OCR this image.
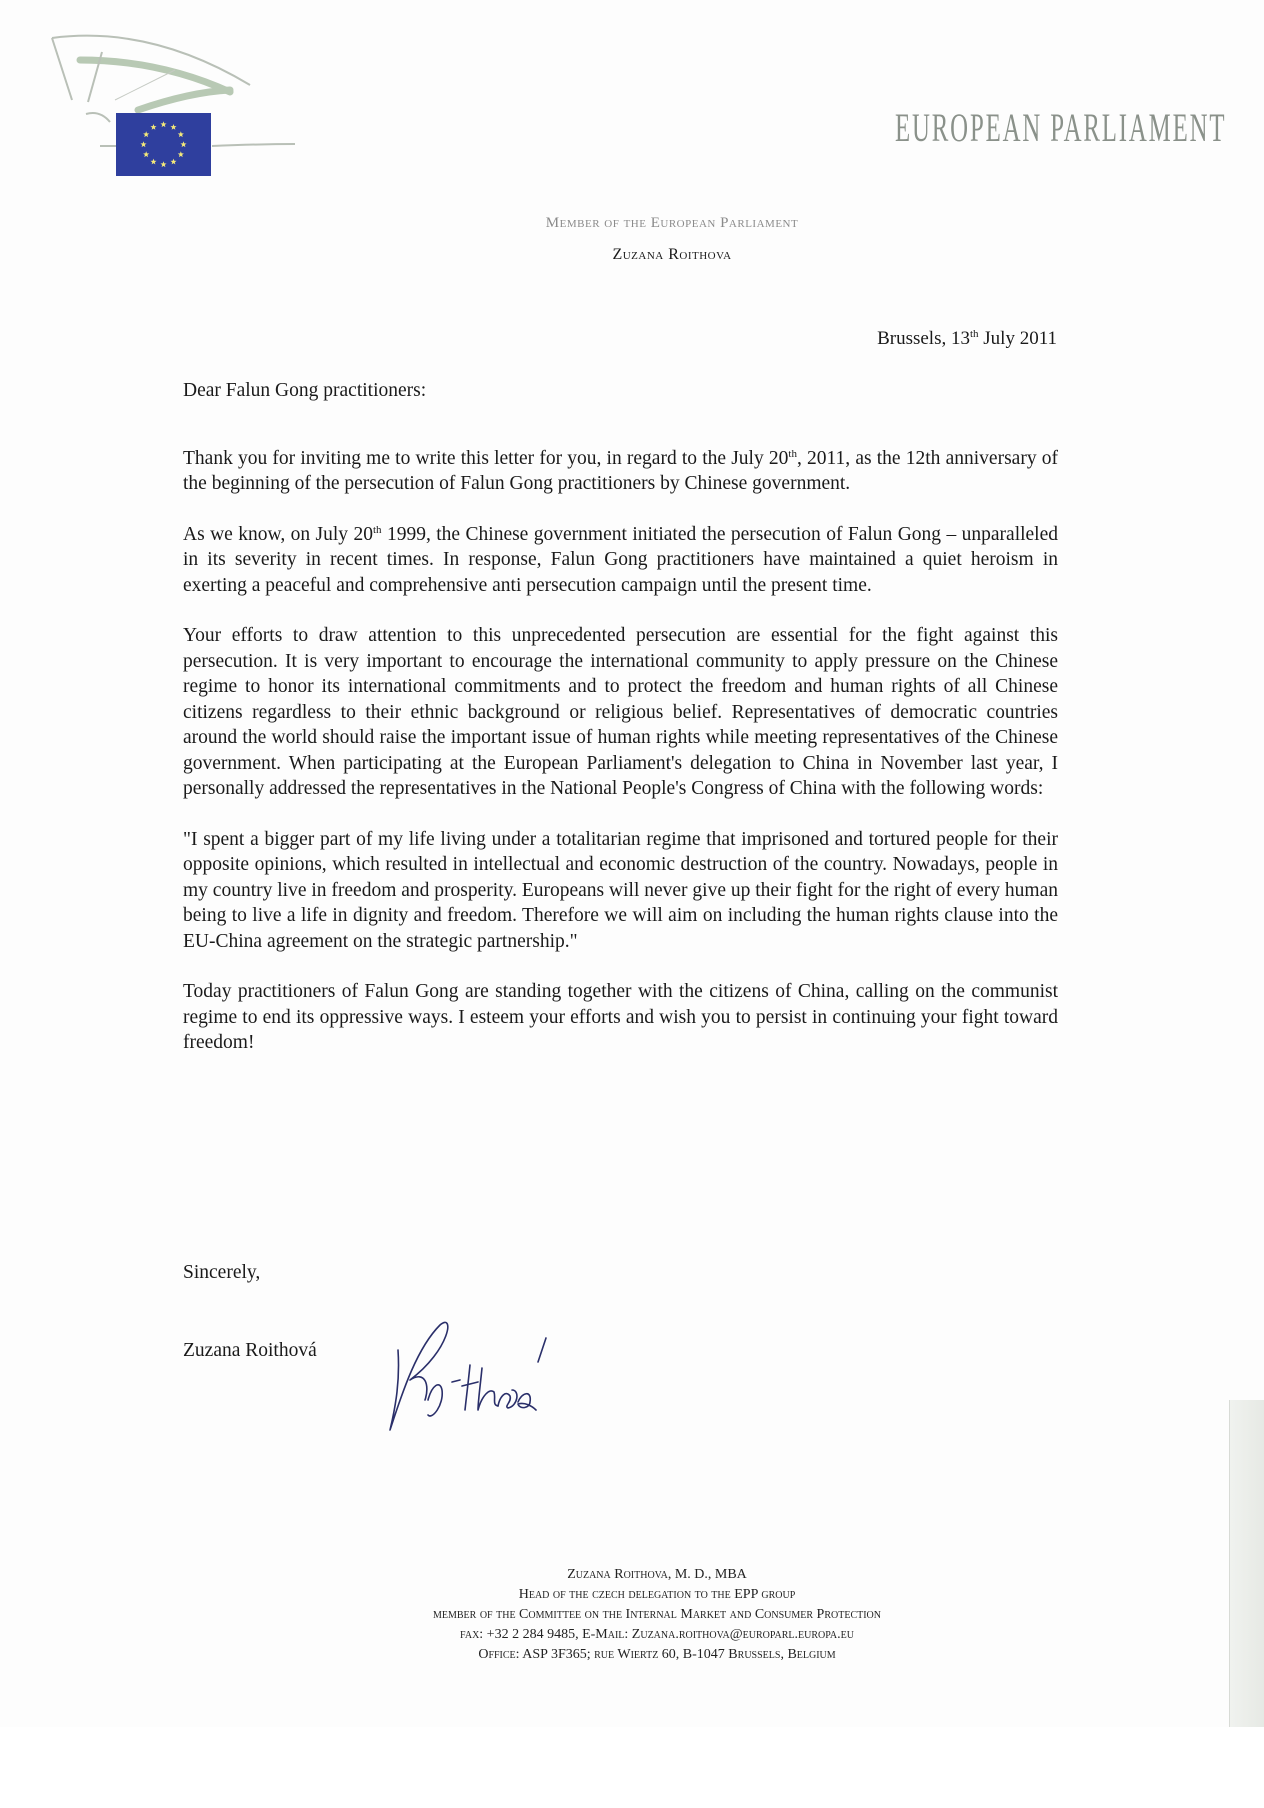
EUROPEAN PARLIAMENT
Member of the European Parliament
Zuzana Roithova
Brussels, 13th July 2011

Dear Falun Gong practitioners:

Thank you for inviting me to write this letter for you, in regard to the July 20th, 2011, as the 12th anniversary of the beginning of the persecution of Falun Gong practitioners by Chinese government.

As we know, on July 20th 1999, the Chinese government initiated the persecution of Falun Gong – unparalleled in its severity in recent times. In response, Falun Gong practitioners have maintained a quiet heroism in exerting a peaceful and comprehensive anti persecution campaign until the present time.

Your efforts to draw attention to this unprecedented persecution are essential for the fight against this persecution. It is very important to encourage the international community to apply pressure on the Chinese regime to honor its international commitments and to protect the freedom and human rights of all Chinese citizens regardless to their ethnic background or religious belief. Representatives of democratic countries around the world should raise the important issue of human rights while meeting representatives of the Chinese government. When participating at the European Parliament's delegation to China in November last year, I personally addressed the representatives in the National People's Congress of China with the following words:

"I spent a bigger part of my life living under a totalitarian regime that imprisoned and tortured people for their opposite opinions, which resulted in intellectual and economic destruction of the country. Nowadays, people in my country live in freedom and prosperity. Europeans will never give up their fight for the right of every human being to live a life in dignity and freedom. Therefore we will aim on including the human rights clause into the EU-China agreement on the strategic partnership."

Today practitioners of Falun Gong are standing together with the citizens of China, calling on the communist regime to end its oppressive ways. I esteem your efforts and wish you to persist in continuing your fight toward freedom!

Sincerely,
Zuzana Roithová
Zuzana Roithova, M. D., MBA
Head of the czech delegation to the EPP group
member of the Committee on the Internal Market and Consumer Protection
fax: +32 2 284 9485, E-Mail: Zuzana.roithova@europarl.europa.eu
Office: ASP 3F365; rue Wiertz 60, B-1047 Brussels, Belgium
